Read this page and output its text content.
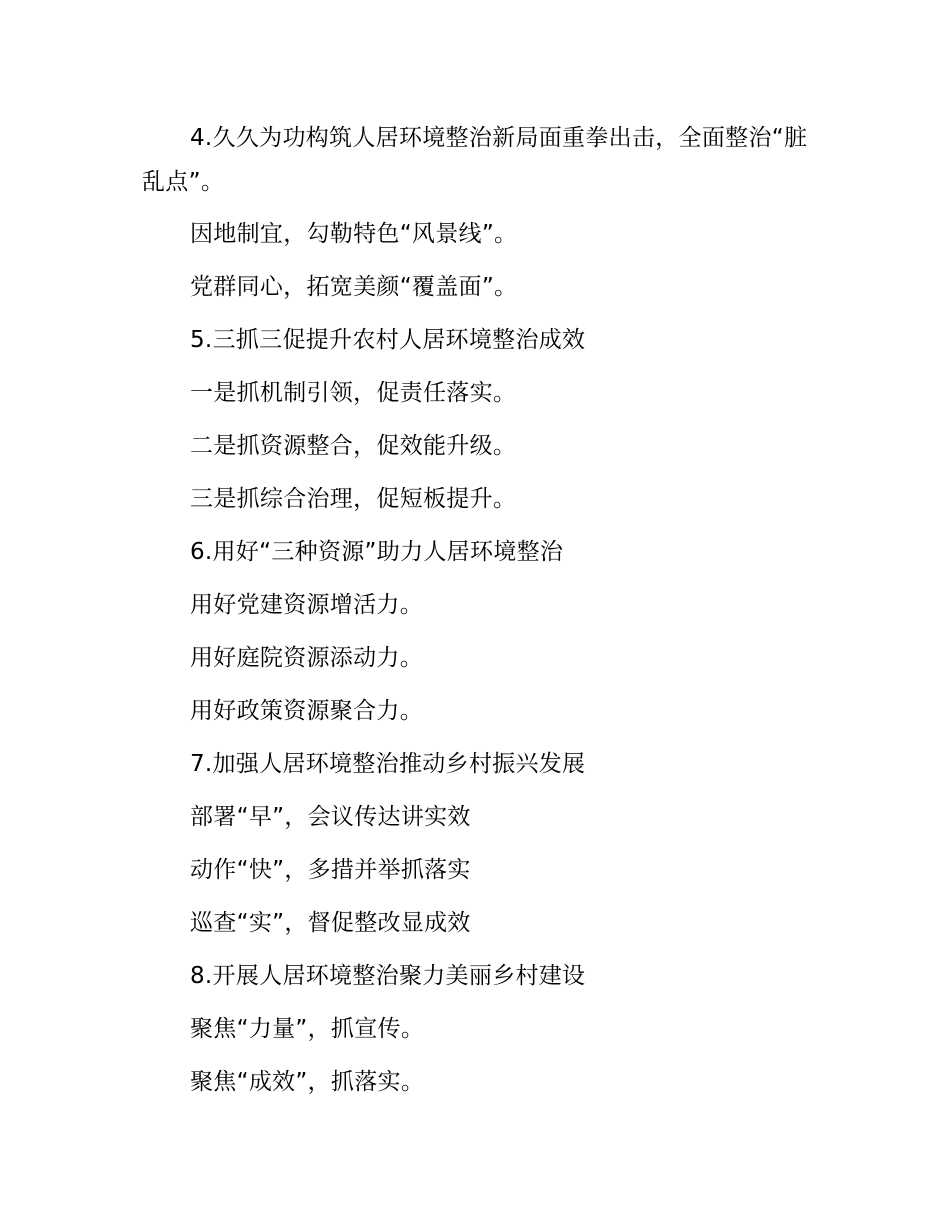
4.久久为功构筑人居环境整治新局面重拳出击，全面整治“脏乱点”。

因地制宜，勾勒特色“风景线”。

党群同心，拓宽美颜“覆盖面”。

5.三抓三促提升农村人居环境整治成效

一是抓机制引领，促责任落实。

二是抓资源整合，促效能升级。

三是抓综合治理，促短板提升。

6.用好“三种资源”助力人居环境整治

用好党建资源增活力。

用好庭院资源添动力。

用好政策资源聚合力。

7.加强人居环境整治推动乡村振兴发展

部署“早”，会议传达讲实效

动作“快”，多措并举抓落实

巡查“实”，督促整改显成效

8.开展人居环境整治聚力美丽乡村建设

聚焦“力量”，抓宣传。

聚焦“成效”，抓落实。
